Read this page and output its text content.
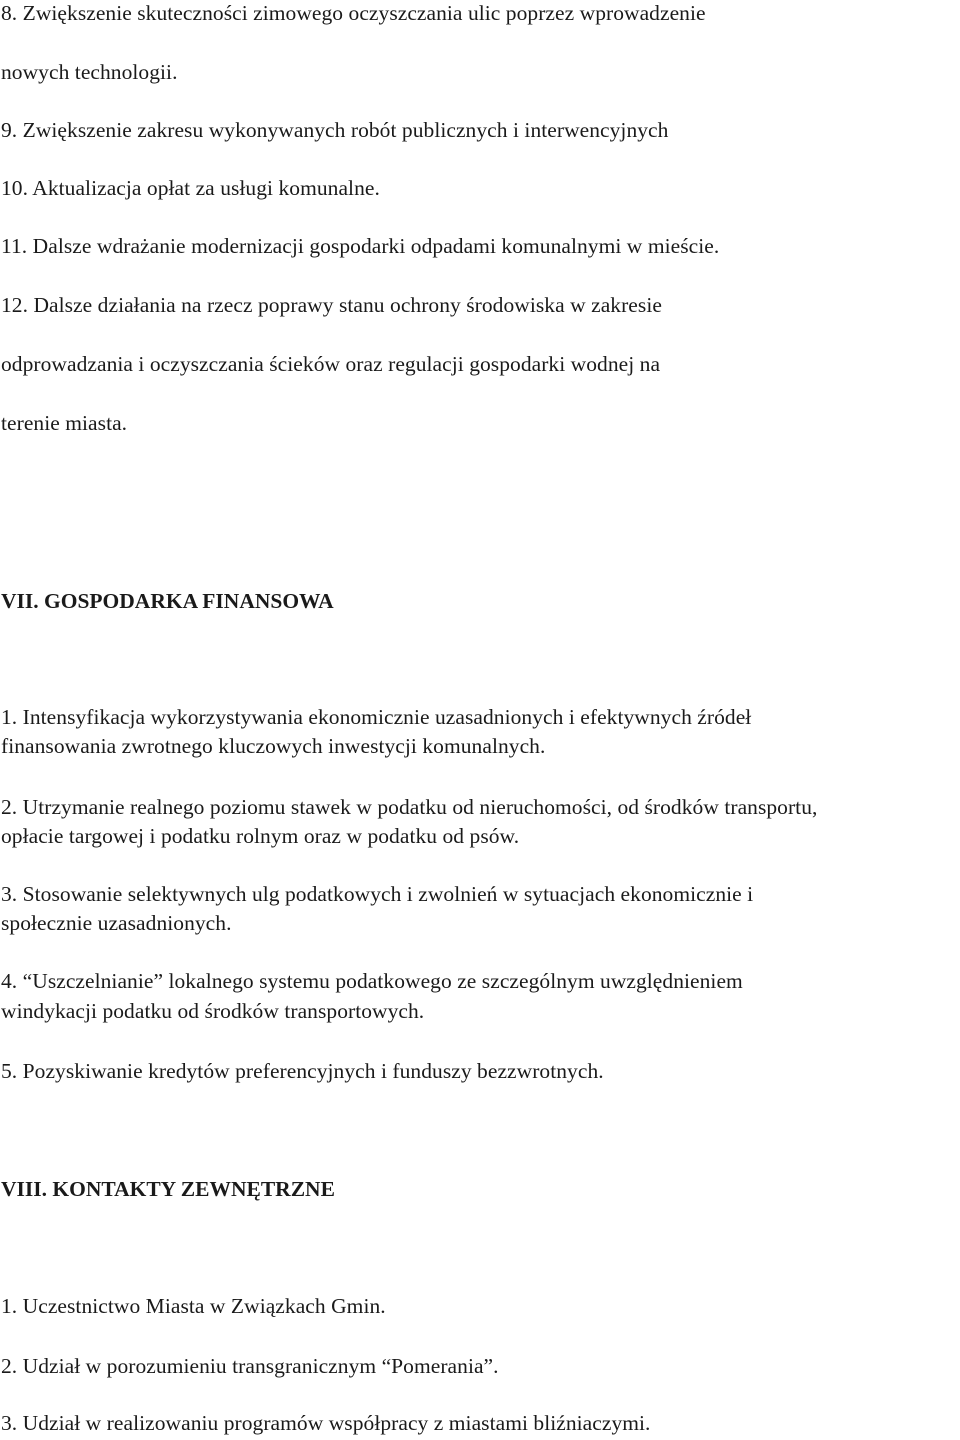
8. Zwiększenie skuteczności zimowego oczyszczania ulic poprzez wprowadzenie
nowych technologii.
9. Zwiększenie zakresu wykonywanych robót publicznych i interwencyjnych
10. Aktualizacja opłat za usługi komunalne.
11. Dalsze wdrażanie modernizacji gospodarki odpadami komunalnymi w mieście.
12. Dalsze działania na rzecz poprawy stanu ochrony środowiska w zakresie
odprowadzania i oczyszczania ścieków oraz regulacji gospodarki wodnej na
terenie miasta.
VII. GOSPODARKA FINANSOWA
1. Intensyfikacja wykorzystywania ekonomicznie uzasadnionych i efektywnych źródeł
finansowania zwrotnego kluczowych inwestycji komunalnych.
2. Utrzymanie realnego poziomu stawek w podatku od nieruchomości, od środków transportu,
opłacie targowej i podatku rolnym oraz w podatku od psów.
3. Stosowanie selektywnych ulg podatkowych i zwolnień w sytuacjach ekonomicznie i
społecznie uzasadnionych.
4. “Uszczelnianie” lokalnego systemu podatkowego ze szczególnym uwzględnieniem
windykacji podatku od środków transportowych.
5. Pozyskiwanie kredytów preferencyjnych i funduszy bezzwrotnych.
VIII. KONTAKTY ZEWNĘTRZNE
1. Uczestnictwo Miasta w Związkach Gmin.
2. Udział w porozumieniu transgranicznym “Pomerania”.
3. Udział w realizowaniu programów współpracy z miastami bliźniaczymi.
